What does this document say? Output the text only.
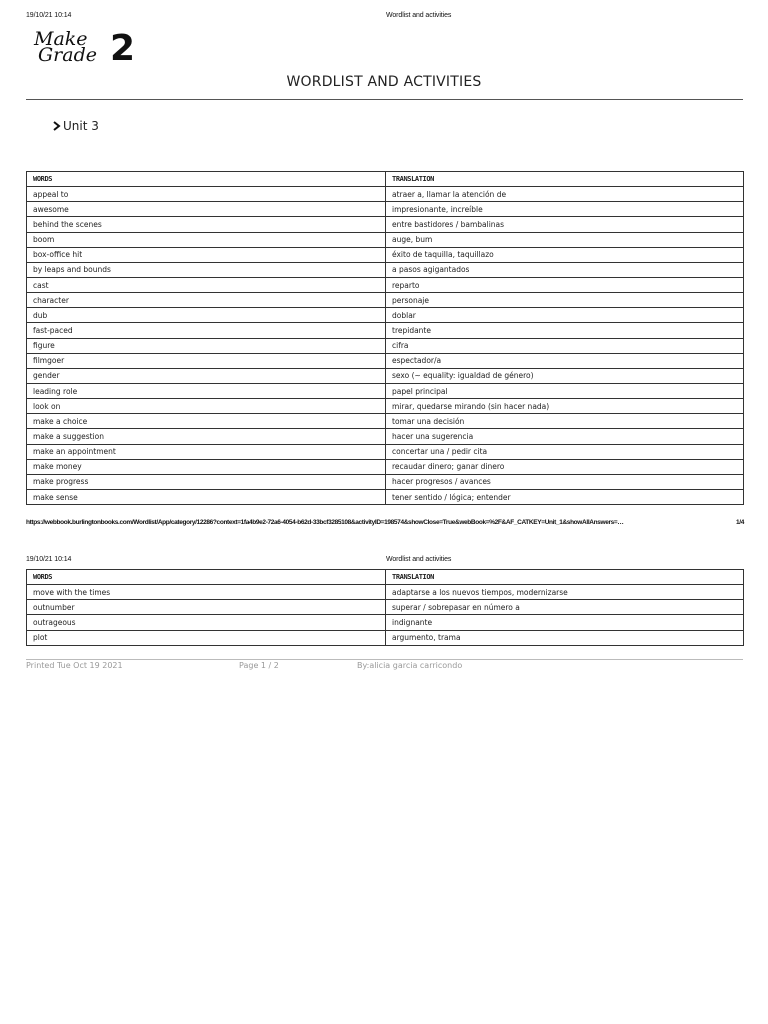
19/10/21 10:14	Wordlist and activities
Make
Grade 2
WORDLIST AND ACTIVITIES
Unit 3
WORDS	TRANSLATION
appeal to	atraer a, llamar la atención de
awesome	impresionante, increíble
behind the scenes	entre bastidores / bambalinas
boom	auge, bum
box-office hit	éxito de taquilla, taquillazo
by leaps and bounds	a pasos agigantados
cast	reparto
character	personaje
dub	doblar
fast-paced	trepidante
figure	cifra
filmgoer	espectador/a
gender	sexo (~ equality: igualdad de género)
leading role	papel principal
look on	mirar, quedarse mirando (sin hacer nada)
make a choice	tomar una decisión
make a suggestion	hacer una sugerencia
make an appointment	concertar una / pedir cita
make money	recaudar dinero; ganar dinero
make progress	hacer progresos / avances
make sense	tener sentido / lógica; entender
https://webbook.burlingtonbooks.com/Wordlist/App/category/12286?context=1fa4b9e2-72a6-4054-b62d-33bcf3285108&activityID=198574&showClose=True&webBook=%2F&AF_CATKEY=Unit_1&showAllAnswers=…	1/4
19/10/21 10:14	Wordlist and activities
WORDS	TRANSLATION
move with the times	adaptarse a los nuevos tiempos, modernizarse
outnumber	superar / sobrepasar en número a
outrageous	indignante
plot	argumento, trama
Printed Tue Oct 19 2021	Page 1 / 2	By:alicia garcia carricondo
